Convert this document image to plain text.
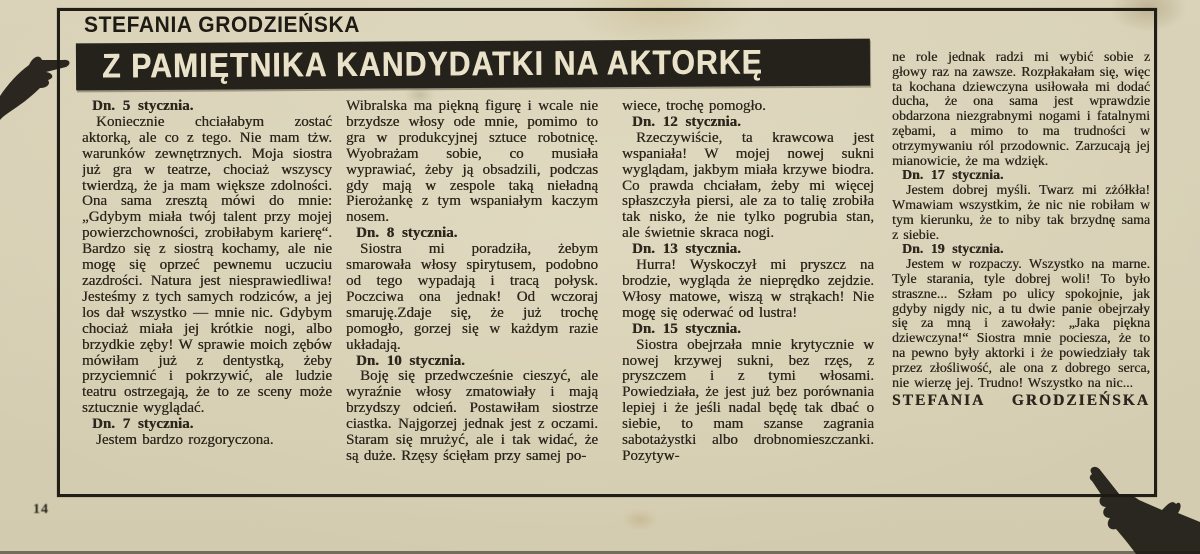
STEFANIA GRODZIEŃSKA
Z PAMIĘTNIKA KANDYDATKI NA AKTORKĘ
Dn. 5 stycznia.
Koniecznie chciałabym zostać aktorką, ale co z tego. Nie mam tżw. warunków zewnętrznych. Moja siostra już gra w teatrze, chociaż wszyscy twierdzą, że ja mam większe zdolności. Ona sama zresztą mówi do mnie: „Gdybym miała twój talent przy mojej powierzchowności, zrobiłabym karierę“. Bardzo się z siostrą kochamy, ale nie mogę się oprzeć pewnemu uczuciu zazdrości. Natura jest niesprawiedliwa! Jesteśmy z tych samych rodziców, a jej los dał wszystko — mnie nic. Gdybym chociaż miała jej krótkie nogi, albo brzydkie zęby! W sprawie moich zębów mówiłam już z dentystką, żeby przyciemnić i pokrzywić, ale ludzie teatru ostrzegają, że to ze sceny może sztucznie wyglądać.
Dn. 7 stycznia.
Jestem bardzo rozgoryczona.
Wibralska ma piękną figurę i wcale nie brzydsze włosy ode mnie, pomimo to gra w produkcyjnej sztuce robotnicę. Wyobrażam sobie, co musiała wyprawiać, żeby ją obsadzili, podczas gdy mają w zespole taką nieładną Pierożankę z tym wspaniałym kaczym nosem.
Dn. 8 stycznia.
Siostra mi poradziła, żebym smarowała włosy spirytusem, podobno od tego wypadają i tracą połysk. Poczciwa ona jednak! Od wczoraj smaruję.Zdaje się, że już trochę pomogło, gorzej się w każdym razie układają.
Dn. 10 stycznia.
Boję się przedwcześnie cieszyć, ale wyraźnie włosy zmatowiały i mają brzydszy odcień. Postawiłam siostrze ciastka. Najgorzej jednak jest z oczami. Staram się mrużyć, ale i tak widać, że są duże. Rzęsy ścięłam przy samej po-
wiece, trochę pomogło.
Dn. 12 stycznia.
Rzeczywiście, ta krawcowa jest wspaniała! W mojej nowej sukni wyglądam, jakbym miała krzywe biodra. Co prawda chciałam, żeby mi więcej spłaszczyła piersi, ale za to talię zrobiła tak nisko, że nie tylko pogrubia stan, ale świetnie skraca nogi.
Dn. 13 stycznia.
Hurra! Wyskoczył mi pryszcz na brodzie, wygląda że nieprędko zejdzie. Włosy matowe, wiszą w strąkach! Nie mogę się oderwać od lustra!
Dn. 15 stycznia.
Siostra obejrzała mnie krytycznie w nowej krzywej sukni, bez rzęs, z pryszczem i z tymi włosami. Powiedziała, że jest już bez porównania lepiej i że jeśli nadal będę tak dbać o siebie, to mam szanse zagrania sabotażystki albo drobnomieszczanki. Pozytyw-
ne role jednak radzi mi wybić sobie z głowy raz na zawsze. Rozpłakałam się, więc ta kochana dziewczyna usiłowała mi dodać ducha, że ona sama jest wprawdzie obdarzona niezgrabnymi nogami i fatalnymi zębami, a mimo to ma trudności w otrzymywaniu ról przodownic. Zarzucają jej mianowicie, że ma wdzięk.
Dn. 17 stycznia.
Jestem dobrej myśli. Twarz mi zżółkła! Wmawiam wszystkim, że nic nie robiłam w tym kierunku, że to niby tak brzydnę sama z siebie.
Dn. 19 stycznia.
Jestem w rozpaczy. Wszystko na marne. Tyle starania, tyle dobrej woli! To było straszne... Szłam po ulicy spokojnie, jak gdyby nigdy nic, a tu dwie panie obejrzały się za mną i zawołały: „Jaka piękna dziewczyna!“ Siostra mnie pociesza, że to na pewno były aktorki i że powiedziały tak przez złośliwość, ale ona z dobrego serca, nie wierzę jej. Trudno! Wszystko na nic...
STEFANIA GRODZIEŃSKA
14
